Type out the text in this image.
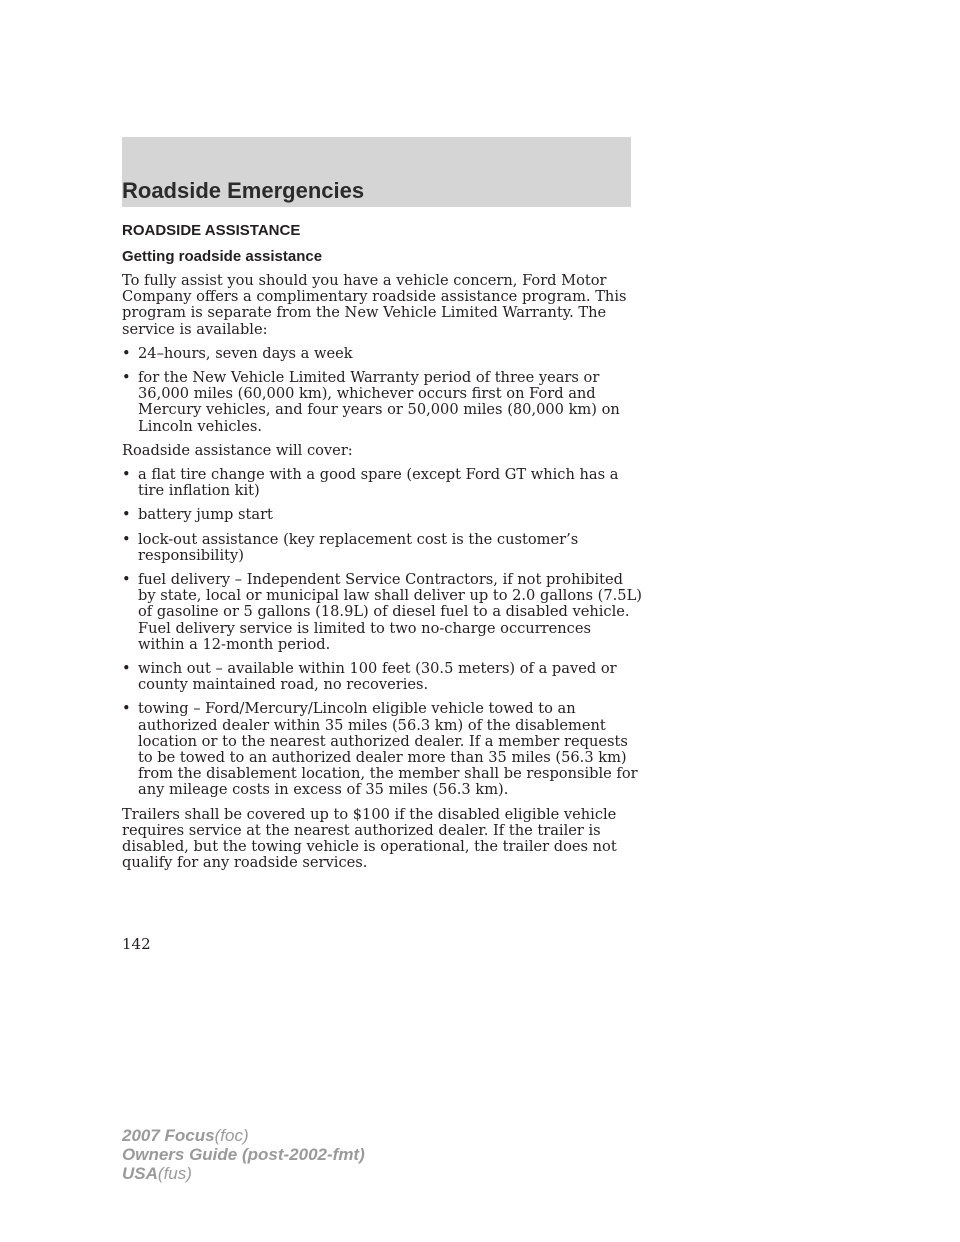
Roadside Emergencies
ROADSIDE ASSISTANCE
Getting roadside assistance

To fully assist you should you have a vehicle concern, Ford Motor Company offers a complimentary roadside assistance program. This program is separate from the New Vehicle Limited Warranty. The service is available:

• 24–hours, seven days a week
• for the New Vehicle Limited Warranty period of three years or 36,000 miles (60,000 km), whichever occurs first on Ford and Mercury vehicles, and four years or 50,000 miles (80,000 km) on Lincoln vehicles.

Roadside assistance will cover:

• a flat tire change with a good spare (except Ford GT which has a tire inflation kit)
• battery jump start
• lock-out assistance (key replacement cost is the customer’s responsibility)
• fuel delivery – Independent Service Contractors, if not prohibited by state, local or municipal law shall deliver up to 2.0 gallons (7.5L) of gasoline or 5 gallons (18.9L) of diesel fuel to a disabled vehicle. Fuel delivery service is limited to two no-charge occurrences within a 12-month period.
• winch out – available within 100 feet (30.5 meters) of a paved or county maintained road, no recoveries.
• towing – Ford/Mercury/Lincoln eligible vehicle towed to an authorized dealer within 35 miles (56.3 km) of the disablement location or to the nearest authorized dealer. If a member requests to be towed to an authorized dealer more than 35 miles (56.3 km) from the disablement location, the member shall be responsible for any mileage costs in excess of 35 miles (56.3 km).

Trailers shall be covered up to $100 if the disabled eligible vehicle requires service at the nearest authorized dealer. If the trailer is disabled, but the towing vehicle is operational, the trailer does not qualify for any roadside services.

142
2007 Focus(foc)
Owners Guide (post-2002-fmt)
USA(fus)
